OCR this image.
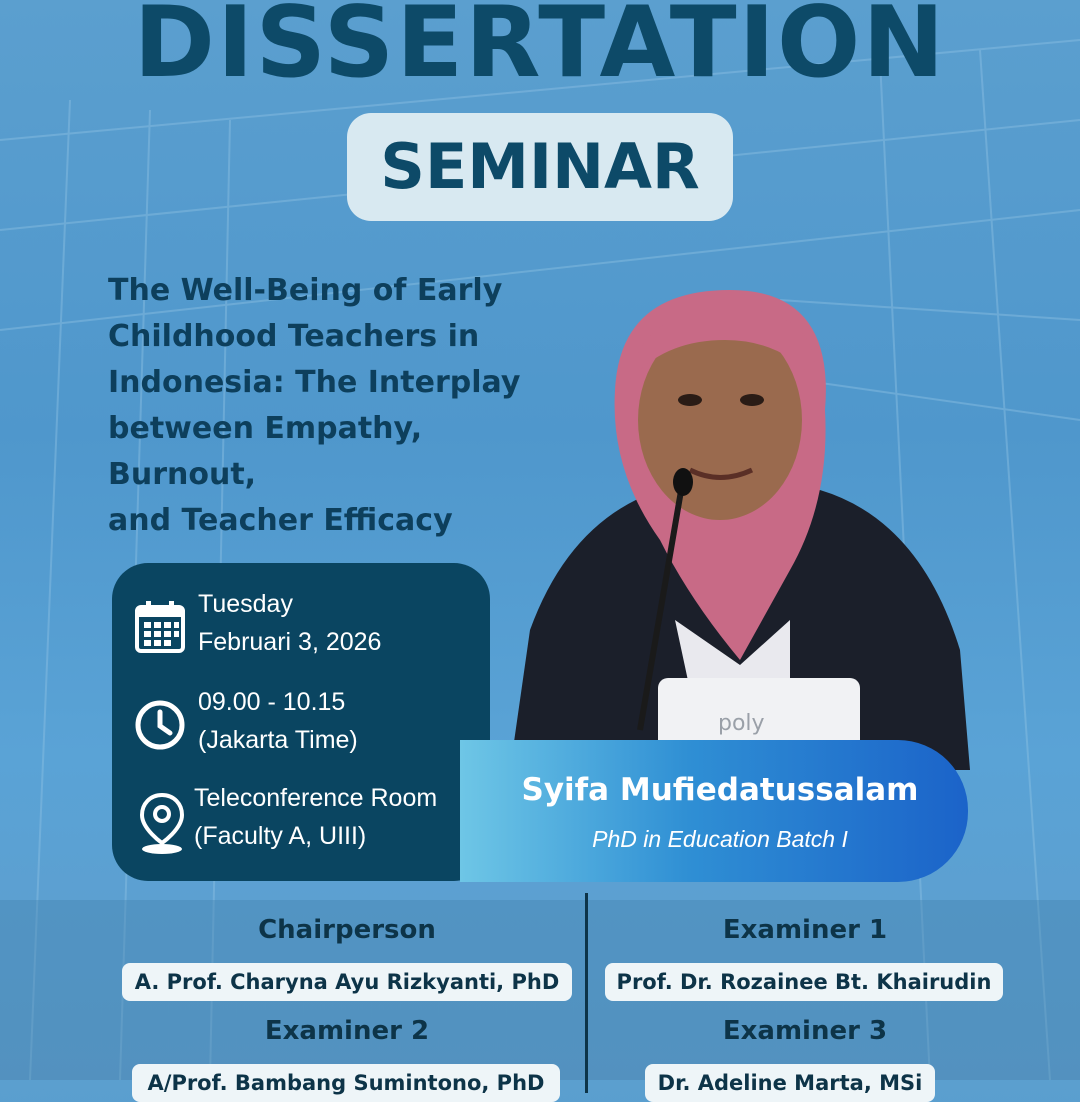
DISSERTATION
SEMINAR
The Well-Being of Early
Childhood Teachers in
Indonesia: The Interplay
between Empathy, Burnout,
and Teacher Efficacy
poly
Tuesday
Februari 3, 2026
09.00 - 10.15
(Jakarta Time)
Teleconference Room
(Faculty A, UIII)
Syifa Mufiedatussalam
PhD in Education Batch I
Chairperson
A. Prof. Charyna Ayu Rizkyanti, PhD
Examiner 2
A/Prof. Bambang Sumintono, PhD
Examiner 1
Prof. Dr. Rozainee Bt. Khairudin
Examiner 3
Dr. Adeline Marta, MSi
